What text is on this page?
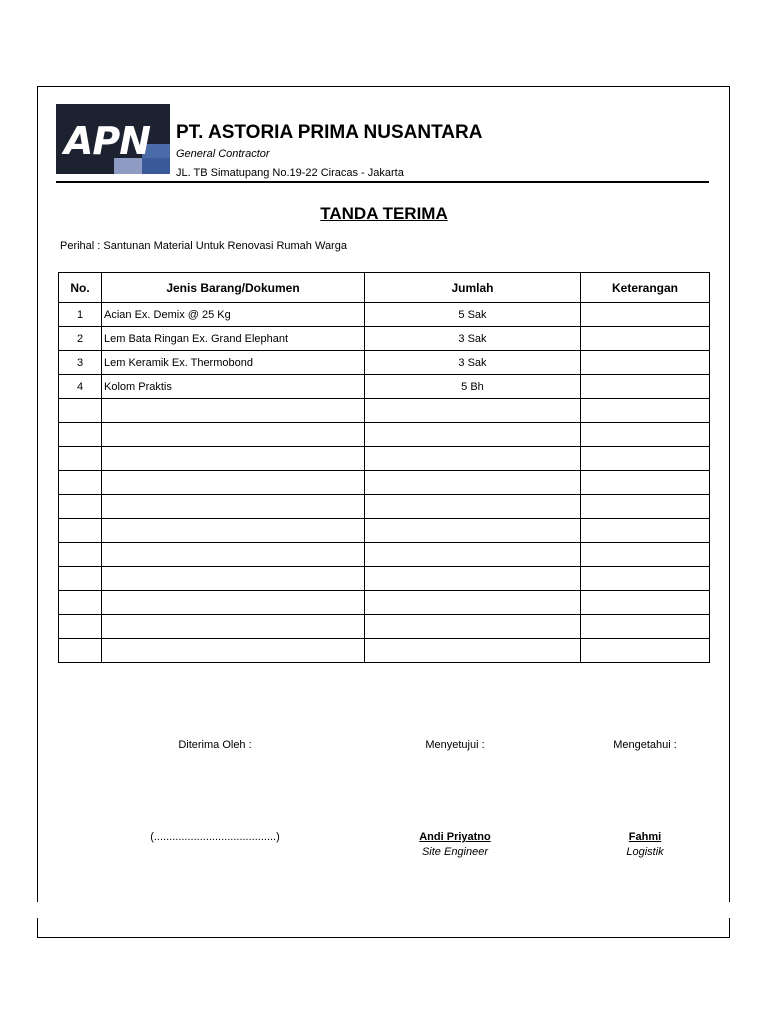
APN PT. ASTORIA PRIMA NUSANTARA
General Contractor
JL. TB Simatupang No.19-22 Ciracas - Jakarta
TANDA TERIMA
Perihal : Santunan Material Untuk Renovasi Rumah Warga
No.	Jenis Barang/Dokumen	Jumlah	Keterangan
1	Acian Ex. Demix @ 25 Kg	5 Sak	
2	Lem Bata Ringan Ex. Grand Elephant	3 Sak	
3	Lem Keramik Ex. Thermobond	3 Sak	
4	Kolom Praktis	5 Bh	

Diterima Oleh :	Menyetujui :	Mengetahui :
(........................................)	Andi Priyatno
Site Engineer
Fahmi
Logistik
